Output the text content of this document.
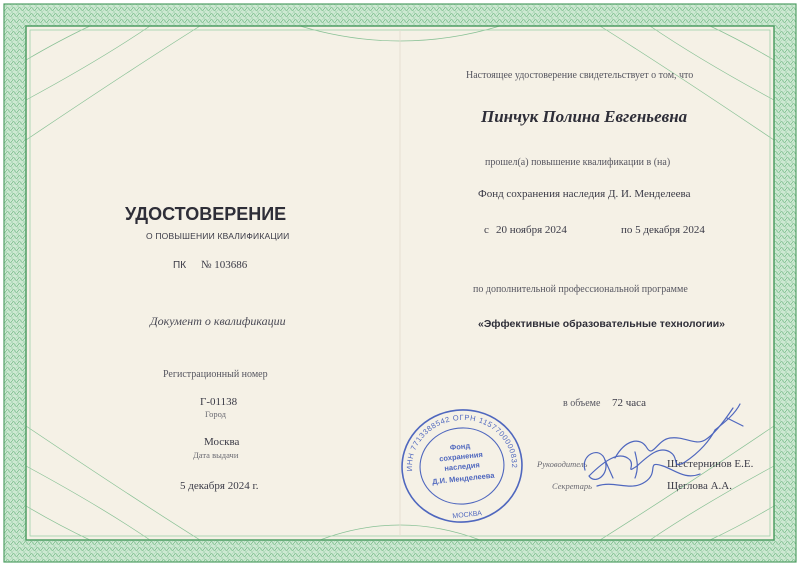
УДОСТОВЕРЕНИЕ
О ПОВЫШЕНИИ КВАЛИФИКАЦИИ
ПК № 103686
Документ о квалификации
Регистрационный номер
Г-01138
Город
Москва
Дата выдачи
5 декабря 2024 г.
Настоящее удостоверение свидетельствует о том, что
Пинчук Полина Евгеньевна
прошел(а) повышение квалификации в (на)
Фонд сохранения наследия Д. И. Менделеева
с 20 ноября 2024	по 5 декабря 2024
по дополнительной профессиональной программе
«Эффективные образовательные технологии»
в объеме 72 часа
Руководитель	Шестернинов Е.Е.
Секретарь	Щеглова А.А.
ИНН 7713388542 ОГРН 1157700000832
МОСКВА
Фонд
сохранения
наследия
Д.И. Менделеева
